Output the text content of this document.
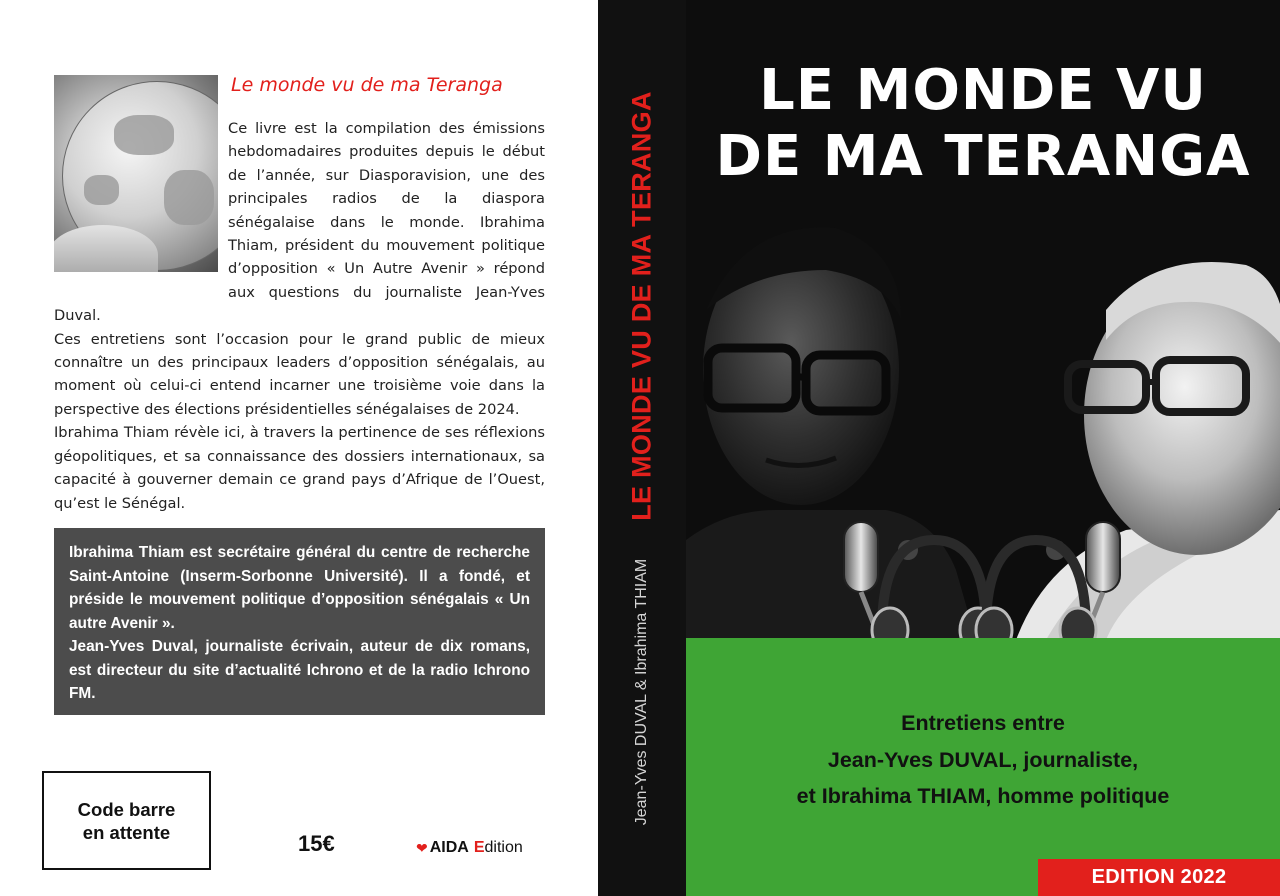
Le monde vu de ma Teranga

Ce livre est la compilation des émissions hebdomadaires produites depuis le début de l’année, sur Diasporavision, une des principales radios de la diaspora sénégalaise dans le monde. Ibrahima Thiam, président du mouvement politique d’opposition « Un Autre Avenir » répond aux questions du journaliste Jean-Yves Duval.

Ces entretiens sont l’occasion pour le grand public de mieux connaître un des principaux leaders d’opposition sénégalais, au moment où celui-ci entend incarner une troisième voie dans la perspective des élections présidentielles sénégalaises de 2024.

Ibrahima Thiam révèle ici, à travers la pertinence de ses réflexions géopolitiques, et sa connaissance des dossiers internationaux, sa capacité à gouverner demain ce grand pays d’Afrique de l’Ouest, qu’est le Sénégal.

Ibrahima Thiam est secrétaire général du centre de recherche Saint-Antoine (Inserm-Sorbonne Université). Il a fondé, et préside le mouvement politique d’opposition sénégalais « Un autre Avenir ».

Jean-Yves Duval, journaliste écrivain, auteur de dix romans, est directeur du site d’actualité Ichrono et de la radio Ichrono FM.

Code barre
en attente	15€	❤ AIDA E dition
LE MONDE VU DE MA TERANGA
Jean-Yves DUVAL & Ibrahima THIAM
LE MONDE VU
DE MA TERANGA
Entretiens entre
Jean-Yves DUVAL, journaliste,
et Ibrahima THIAM, homme politique
EDITION 2022
